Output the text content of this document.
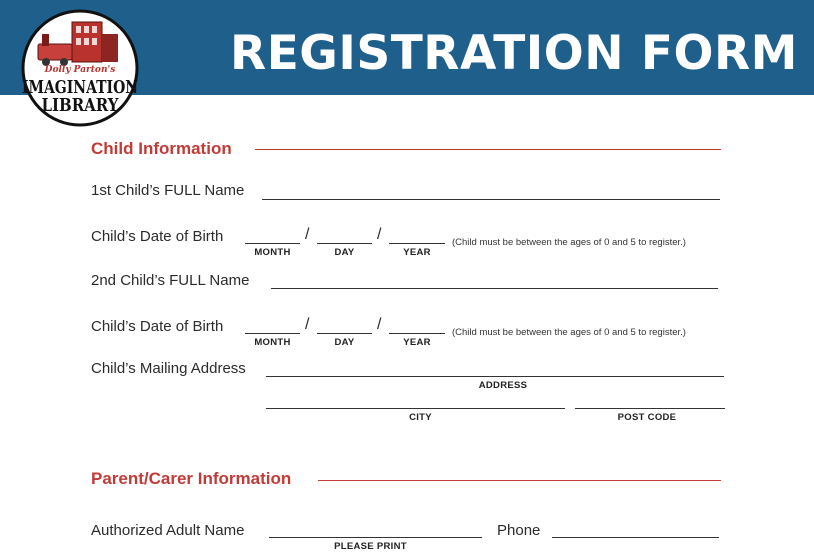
REGISTRATION FORM
Dolly Parton's
IMAGINATION
LIBRARY
Child Information
1st Child’s FULL Name
Child’s Date of Birth	/	/
MONTH	DAY	YEAR
(Child must be between the ages of 0 and 5 to register.)
2nd Child’s FULL Name
Child’s Date of Birth	/	/
MONTH	DAY	YEAR
(Child must be between the ages of 0 and 5 to register.)
Child’s Mailing Address
ADDRESS
CITY	POST CODE
Parent/Carer Information
Authorized Adult Name
PLEASE PRINT
Phone
